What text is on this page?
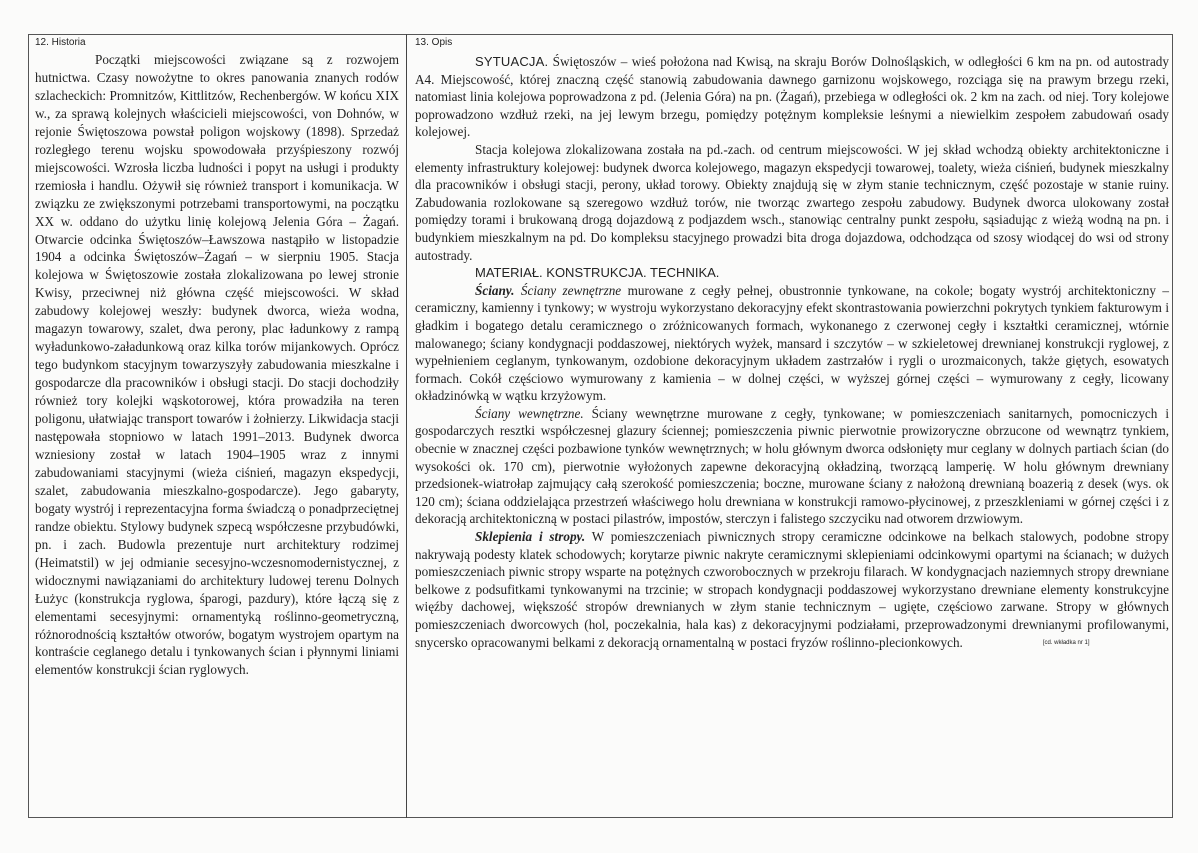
12. Historia

Początki miejscowości związane są z rozwojem hutnictwa. Czasy nowożytne to okres panowania znanych rodów szlacheckich: Promnitzów, Kittlitzów, Rechenbergów. W końcu XIX w., za sprawą kolejnych właścicieli miejscowości, von Dohnów, w rejonie Świętoszowa powstał poligon wojskowy (1898). Sprzedaż rozległego terenu wojsku spowodowała przyśpieszony rozwój miejscowości. Wzrosła liczba ludności i popyt na usługi i produkty rzemiosła i handlu. Ożywił się również transport i komunikacja. W związku ze zwiększonymi potrzebami transportowymi, na początku XX w. oddano do użytku linię kolejową Jelenia Góra – Żagań. Otwarcie odcinka Świętoszów–Ławszowa nastąpiło w listopadzie 1904 a odcinka Świętoszów–Żagań – w sierpniu 1905. Stacja kolejowa w Świętoszowie została zlokalizowana po lewej stronie Kwisy, przeciwnej niż główna część miejscowości. W skład zabudowy kolejowej weszły: budynek dworca, wieża wodna, magazyn towarowy, szalet, dwa perony, plac ładunkowy z rampą wyładunkowo-załadunkową oraz kilka torów mijankowych. Oprócz tego budynkom stacyjnym towarzyszyły zabudowania mieszkalne i gospodarcze dla pracowników i obsługi stacji. Do stacji dochodziły również tory kolejki wąskotorowej, która prowadziła na teren poligonu, ułatwiając transport towarów i żołnierzy. Likwidacja stacji następowała stopniowo w latach 1991–2013. Budynek dworca wzniesiony został w latach 1904–1905 wraz z innymi zabudowaniami stacyjnymi (wieża ciśnień, magazyn ekspedycji, szalet, zabudowania mieszkalno-gospodarcze). Jego gabaryty, bogaty wystrój i reprezentacyjna forma świadczą o ponadprzeciętnej randze obiektu. Stylowy budynek szpecą współczesne przybudówki, pn. i zach. Budowla prezentuje nurt architektury rodzimej (Heimatstil) w jej odmianie secesyjno-wczesnomodernistycznej, z widocznymi nawiązaniami do architektury ludowej terenu Dolnych Łużyc (konstrukcja ryglowa, śparogi, pazdury), które łączą się z elementami secesyjnymi: ornamentyką roślinno-geometryczną, różnorodnością kształtów otworów, bogatym wystrojem opartym na kontraście ceglanego detalu i tynkowanych ścian i płynnymi liniami elementów konstrukcji ścian ryglowych.

13. Opis

SYTUACJA. Świętoszów – wieś położona nad Kwisą, na skraju Borów Dolnośląskich, w odległości 6 km na pn. od autostrady A4. Miejscowość, której znaczną część stanowią zabudowania dawnego garnizonu wojskowego, rozciąga się na prawym brzegu rzeki, natomiast linia kolejowa poprowadzona z pd. (Jelenia Góra) na pn. (Żagań), przebiega w odległości ok. 2 km na zach. od niej. Tory kolejowe poprowadzono wzdłuż rzeki, na jej lewym brzegu, pomiędzy potężnym kompleksie leśnymi a niewielkim zespołem zabudowań osady kolejowej.

Stacja kolejowa zlokalizowana została na pd.-zach. od centrum miejscowości. W jej skład wchodzą obiekty architektoniczne i elementy infrastruktury kolejowej: budynek dworca kolejowego, magazyn ekspedycji towarowej, toalety, wieża ciśnień, budynek mieszkalny dla pracowników i obsługi stacji, perony, układ torowy. Obiekty znajdują się w złym stanie technicznym, część pozostaje w stanie ruiny. Zabudowania rozlokowane są szeregowo wzdłuż torów, nie tworząc zwartego zespołu zabudowy. Budynek dworca ulokowany został pomiędzy torami i brukowaną drogą dojazdową z podjazdem wsch., stanowiąc centralny punkt zespołu, sąsiadując z wieżą wodną na pn. i budynkiem mieszkalnym na pd. Do kompleksu stacyjnego prowadzi bita droga dojazdowa, odchodząca od szosy wiodącej do wsi od strony autostrady.

MATERIAŁ. KONSTRUKCJA. TECHNIKA.

Ściany. Ściany zewnętrzne murowane z cegły pełnej, obustronnie tynkowane, na cokole; bogaty wystrój architektoniczny – ceramiczny, kamienny i tynkowy; w wystroju wykorzystano dekoracyjny efekt skontrastowania powierzchni pokrytych tynkiem fakturowym i gładkim i bogatego detalu ceramicznego o zróżnicowanych formach, wykonanego z czerwonej cegły i kształtki ceramicznej, wtórnie malowanego; ściany kondygnacji poddaszowej, niektórych wyżek, mansard i szczytów – w szkieletowej drewnianej konstrukcji ryglowej, z wypełnieniem ceglanym, tynkowanym, ozdobione dekoracyjnym układem zastrzałów i rygli o urozmaiconych, także giętych, esowatych formach. Cokół częściowo wymurowany z kamienia – w dolnej części, w wyższej górnej części – wymurowany z cegły, licowany okładzinówką w wątku krzyżowym.

Ściany wewnętrzne. Ściany wewnętrzne murowane z cegły, tynkowane; w pomieszczeniach sanitarnych, pomocniczych i gospodarczych resztki współczesnej glazury ściennej; pomieszczenia piwnic pierwotnie prowizoryczne obrzucone od wewnątrz tynkiem, obecnie w znacznej części pozbawione tynków wewnętrznych; w holu głównym dworca odsłonięty mur ceglany w dolnych partiach ścian (do wysokości ok. 170 cm), pierwotnie wyłożonych zapewne dekoracyjną okładziną, tworzącą lamperię. W holu głównym drewniany przedsionek-wiatrołap zajmujący całą szerokość pomieszczenia; boczne, murowane ściany z nałożoną drewnianą boazerią z desek (wys. ok 120 cm); ściana oddzielająca przestrzeń właściwego holu drewniana w konstrukcji ramowo-płycinowej, z przeszkleniami w górnej części i z dekoracją architektoniczną w postaci pilastrów, impostów, sterczyn i falistego szczyciku nad otworem drzwiowym.

Sklepienia i stropy. W pomieszczeniach piwnicznych stropy ceramiczne odcinkowe na belkach stalowych, podobne stropy nakrywają podesty klatek schodowych; korytarze piwnic nakryte ceramicznymi sklepieniami odcinkowymi opartymi na ścianach; w dużych pomieszczeniach piwnic stropy wsparte na potężnych czworobocznych w przekroju filarach. W kondygnacjach naziemnych stropy drewniane belkowe z podsufitkami tynkowanymi na trzcinie; w stropach kondygnacji poddaszowej wykorzystano drewniane elementy konstrukcyjne więźby dachowej, większość stropów drewnianych w złym stanie technicznym – ugięte, częściowo zarwane. Stropy w głównych pomieszczeniach dworcowych (hol, poczekalnia, hala kas) z dekoracyjnymi podziałami, przeprowadzonymi drewnianymi profilowanymi, snycersko opracowanymi belkami z dekoracją ornamentalną w postaci fryzów roślinno-plecionkowych.	[cd. wkładka nr 1]
